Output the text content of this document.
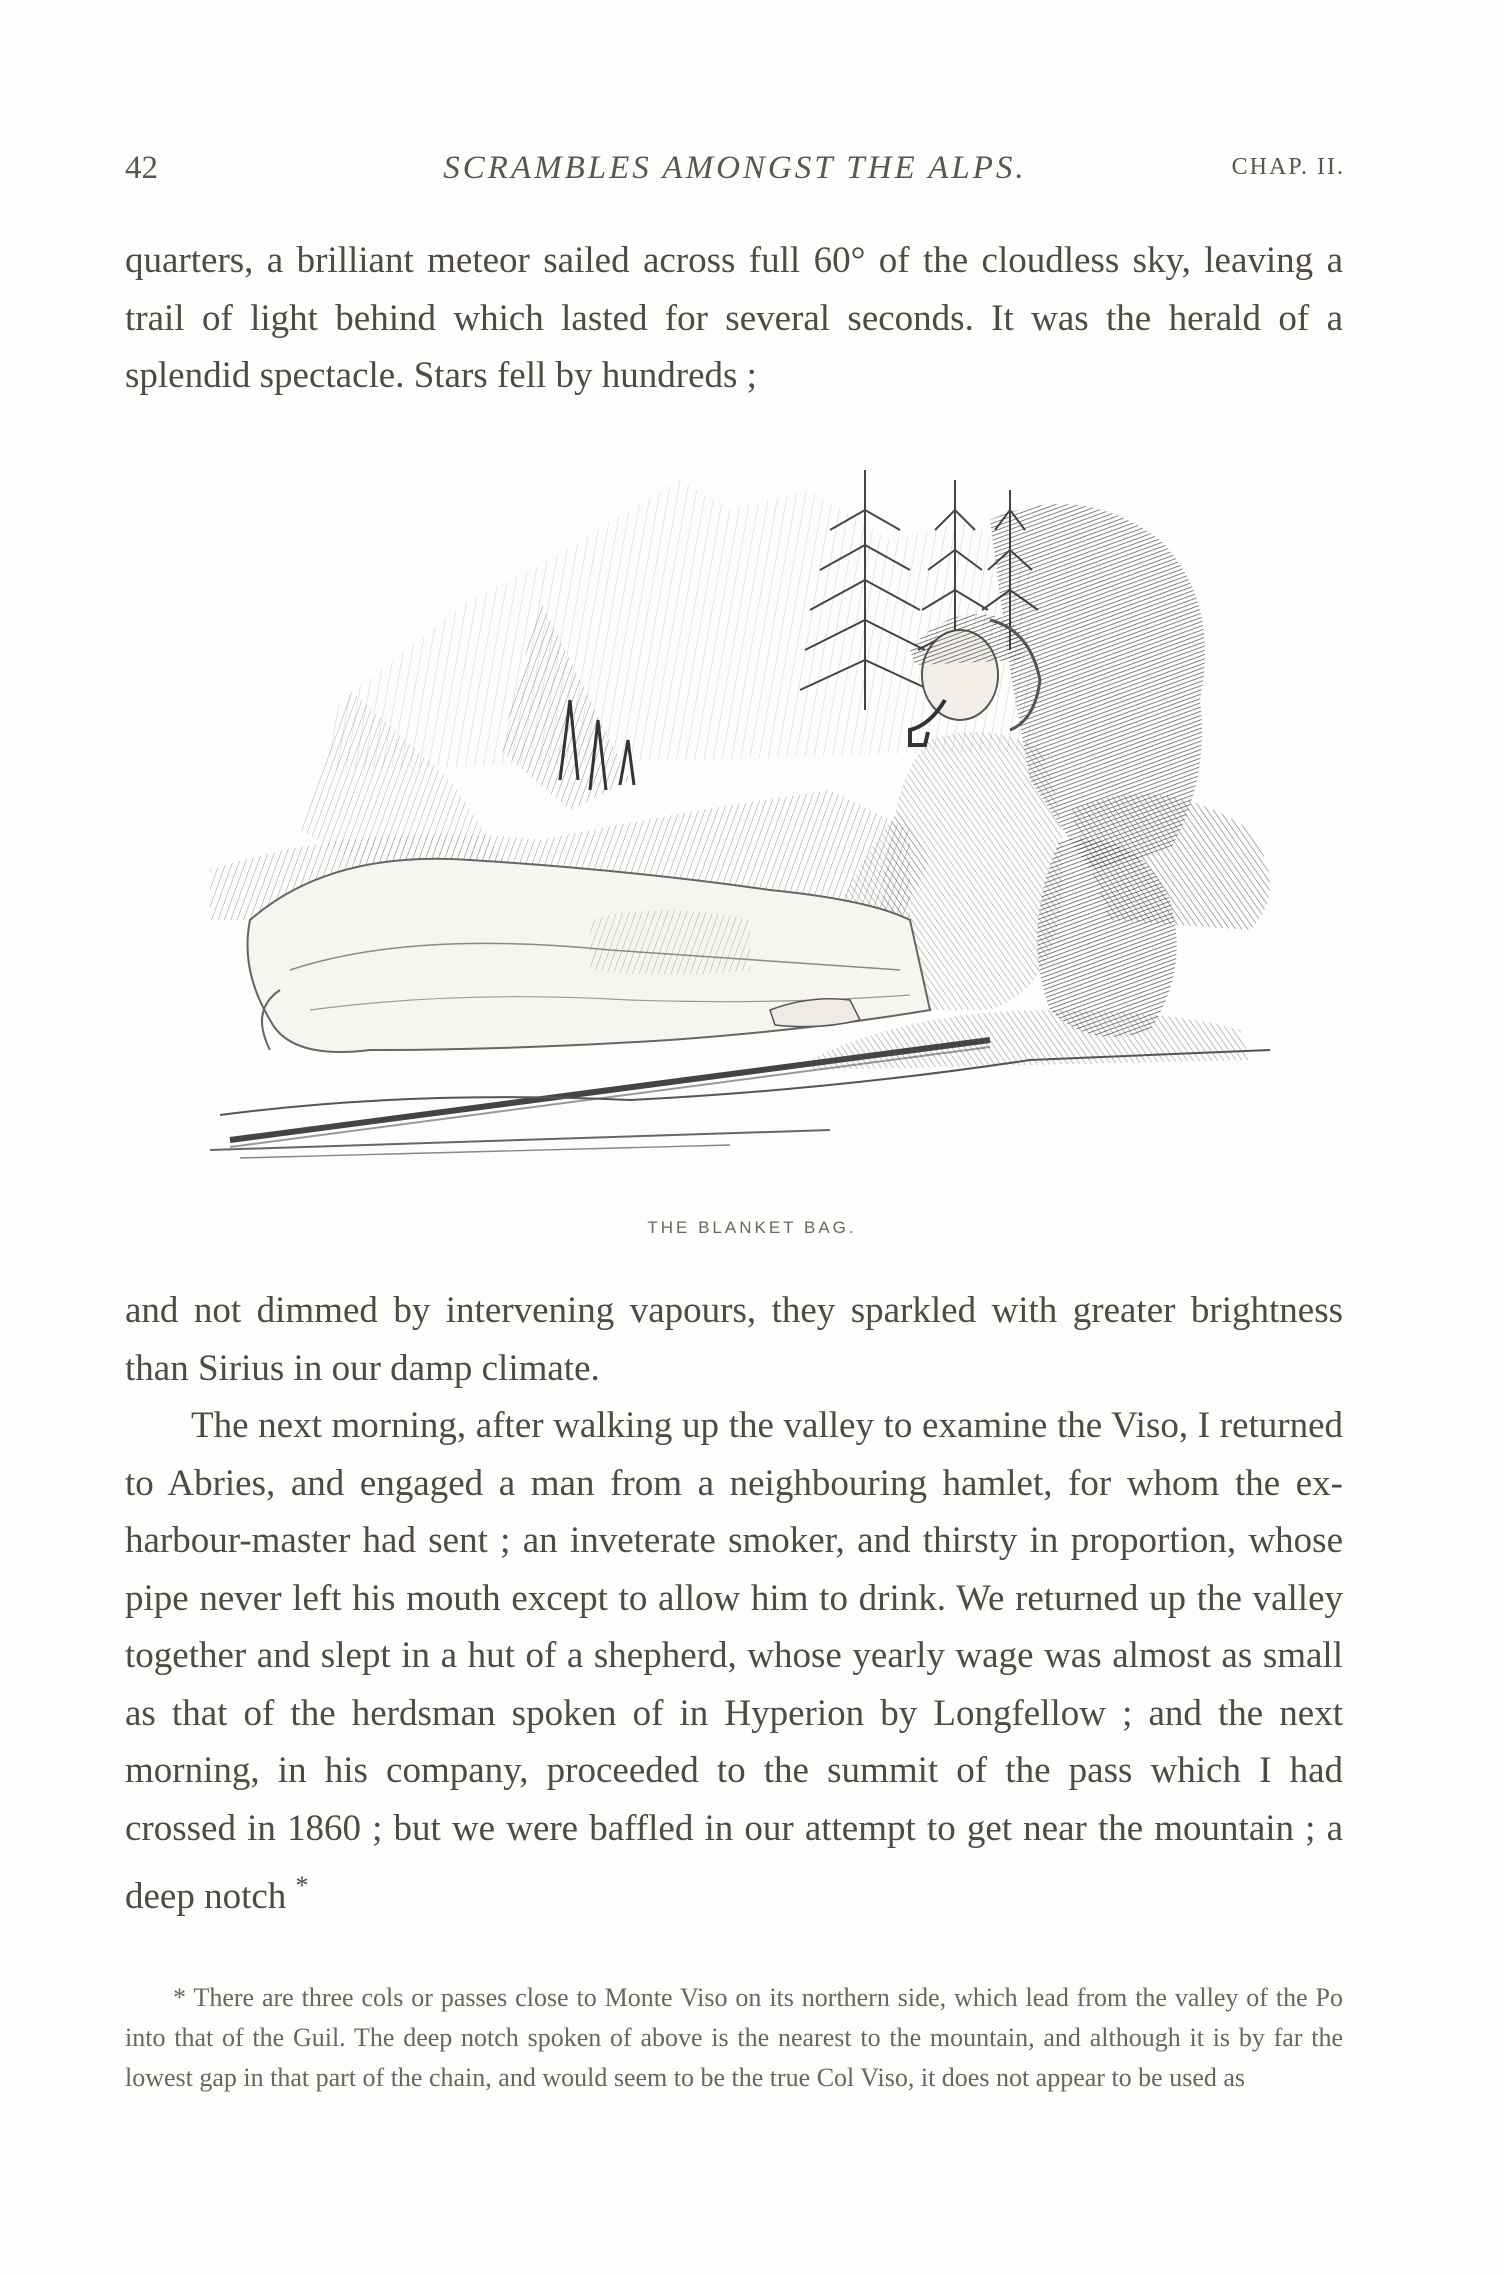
42	SCRAMBLES AMONGST THE ALPS.	CHAP. II.

quarters, a brilliant meteor sailed across full 60° of the cloudless sky, leaving a trail of light behind which lasted for several seconds. It was the herald of a splendid spectacle. Stars fell by hundreds ;

THE BLANKET BAG.

and not dimmed by intervening vapours, they sparkled with greater brightness than Sirius in our damp climate.

The next morning, after walking up the valley to examine the Viso, I returned to Abries, and engaged a man from a neighbouring hamlet, for whom the ex-harbour-master had sent ; an inveterate smoker, and thirsty in proportion, whose pipe never left his mouth except to allow him to drink. We returned up the valley together and slept in a hut of a shepherd, whose yearly wage was almost as small as that of the herdsman spoken of in Hyperion by Longfellow ; and the next morning, in his company, proceeded to the summit of the pass which I had crossed in 1860 ; but we were baffled in our attempt to get near the mountain ; a deep notch *

* There are three cols or passes close to Monte Viso on its northern side, which lead from the valley of the Po into that of the Guil. The deep notch spoken of above is the nearest to the mountain, and although it is by far the lowest gap in that part of the chain, and would seem to be the true Col Viso, it does not appear to be used as
